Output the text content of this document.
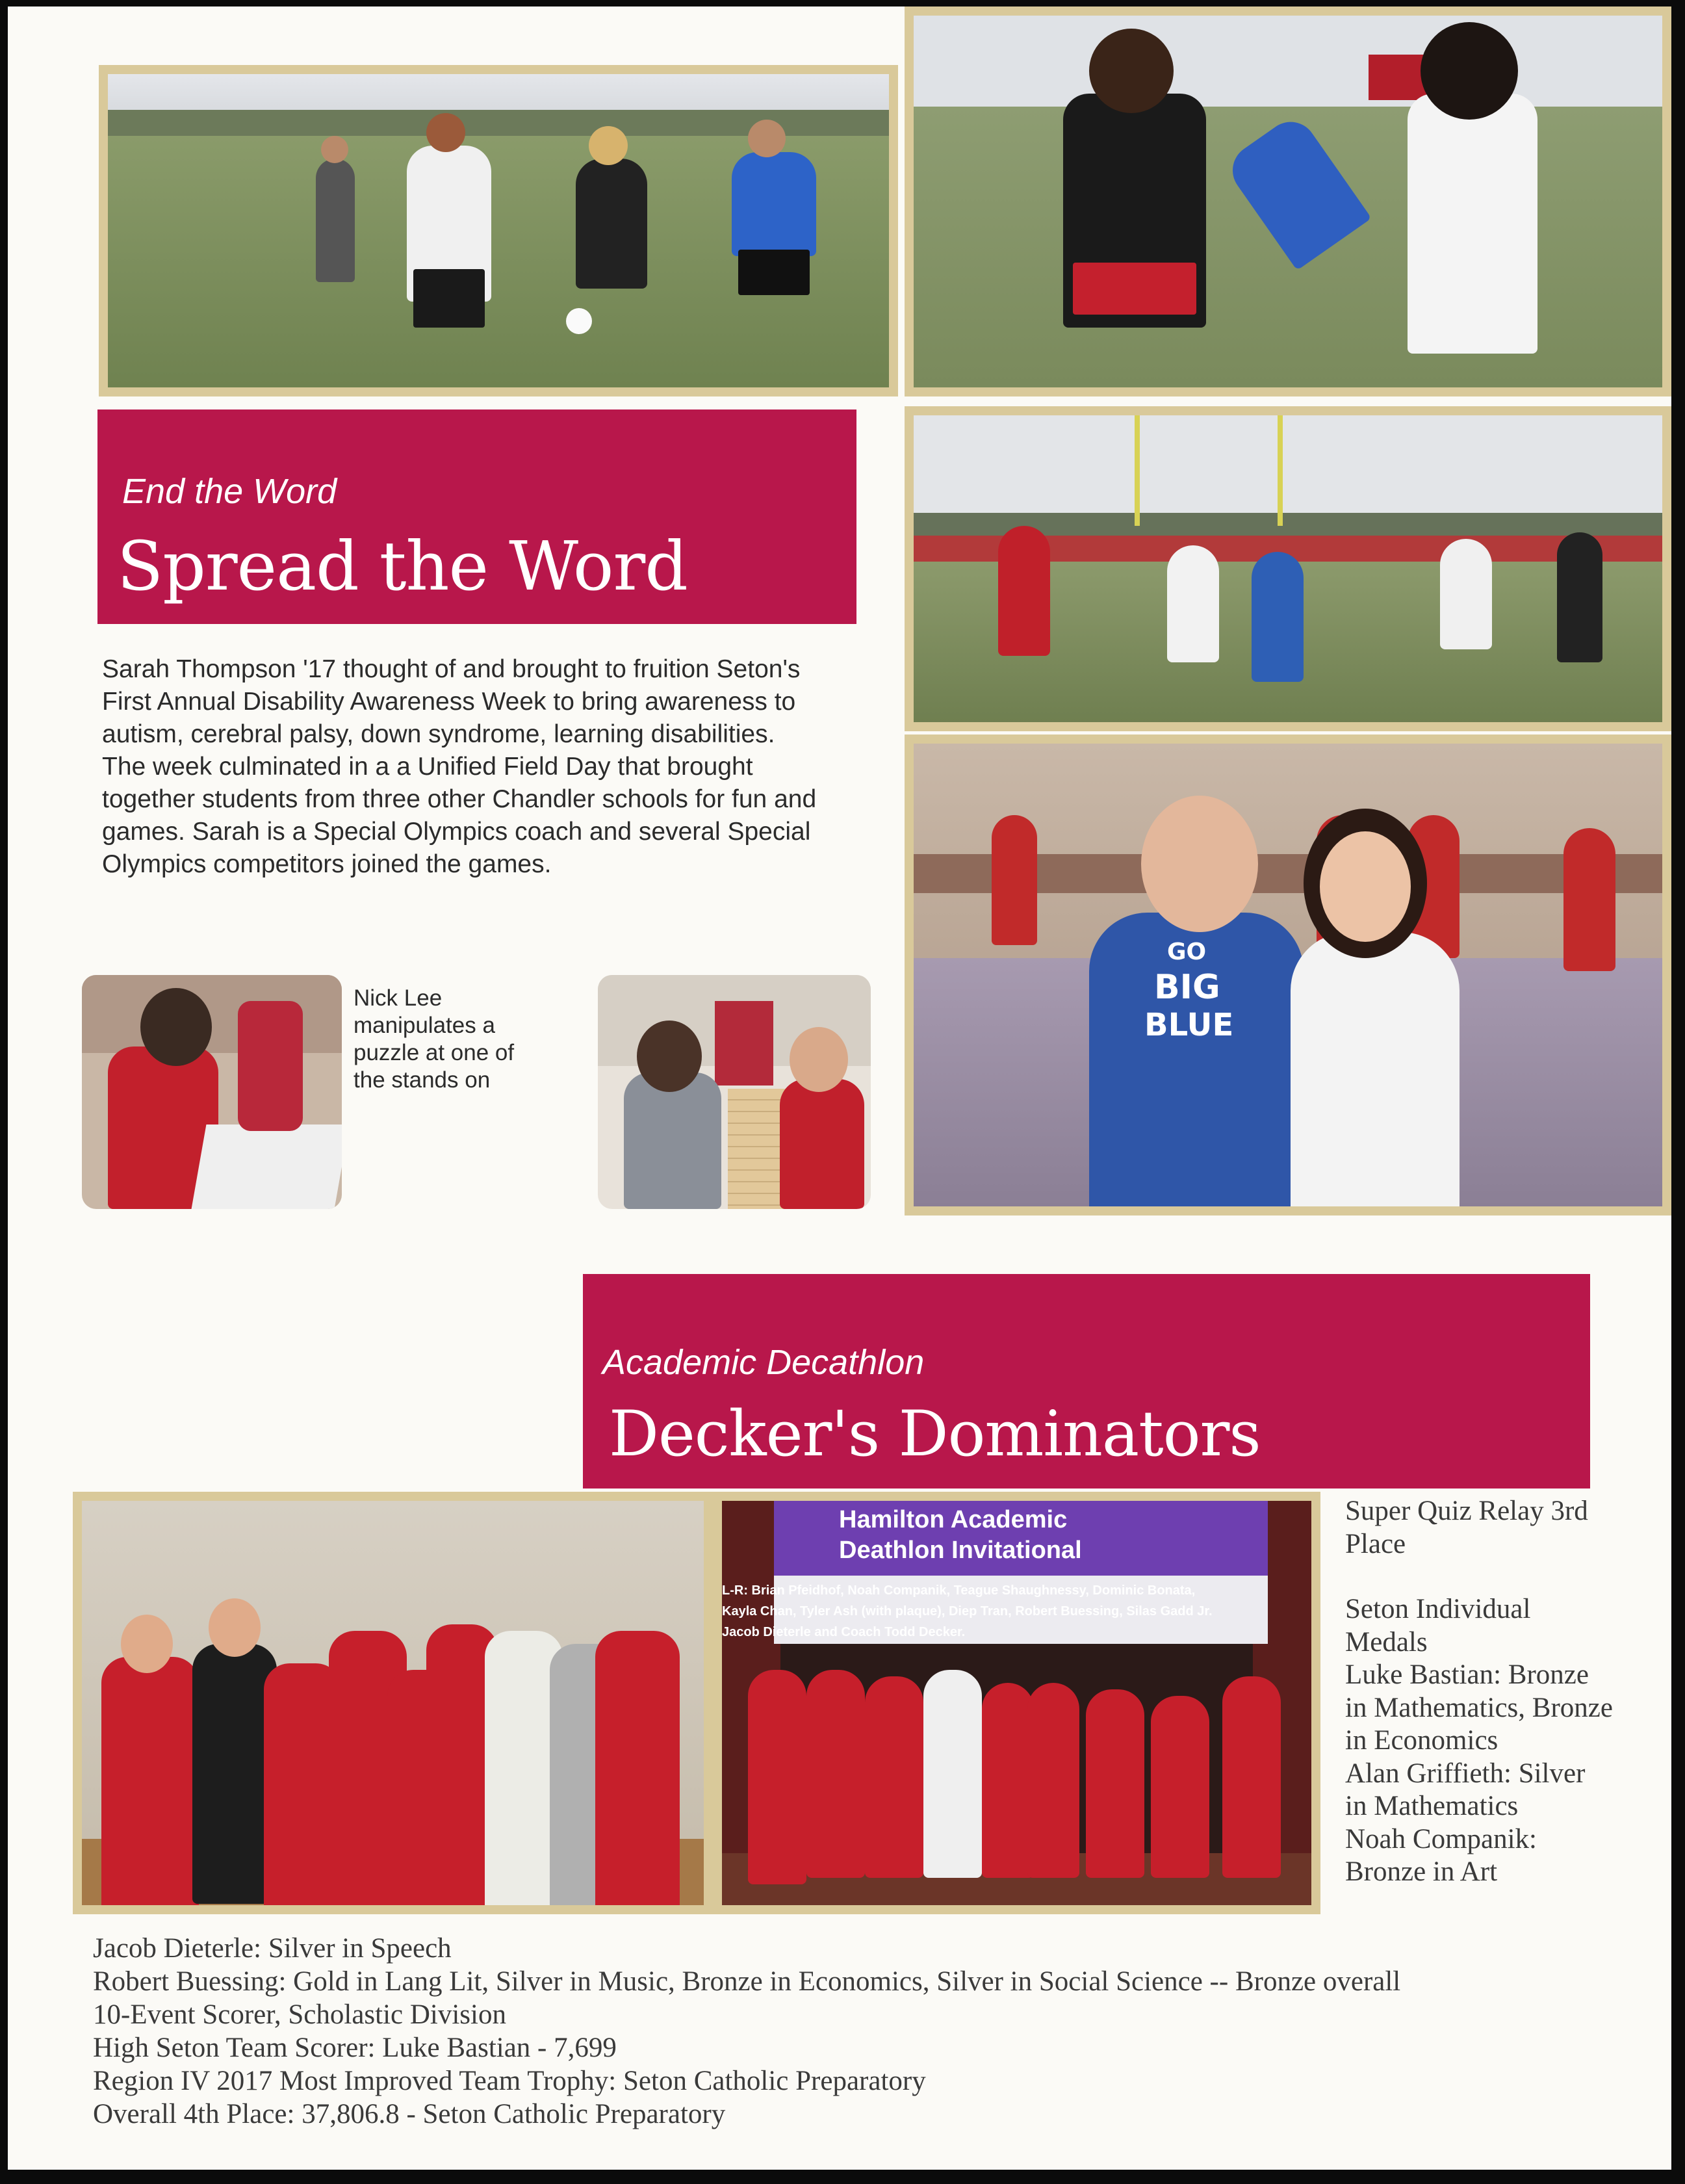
End the Word
Spread the Word

Sarah Thompson '17 thought of and brought to fruition Seton's First Annual Disability Awareness Week to bring awareness to autism, cerebral palsy, down syndrome, learning disabilities. The week culminated in a a Unified Field Day that brought together students from three other Chandler schools for fun and games. Sarah is a Special Olympics coach and several Special Olympics competitors joined the games.

GO
BIG
BLUE
Nick Lee
manipulates a
puzzle at one of
the stands on
Academic Decathlon
Decker's Dominators
Hamilton Academic
Deathlon Invitational
L-R: Brian Pfeidhof, Noah Companik, Teague Shaughnessy, Dominic Bonata,
Kayla Chan, Tyler Ash (with plaque), Diep Tran, Robert Buessing, Silas Gadd Jr.
Jacob Dieterle and Coach Todd Decker.
Super Quiz Relay 3rd
Place
Seton Individual
Medals
Luke Bastian: Bronze
in Mathematics, Bronze
in Economics
Alan Griffieth: Silver
in Mathematics
Noah Companik:
Bronze in Art
Jacob Dieterle: Silver in Speech
Robert Buessing: Gold in Lang Lit, Silver in Music, Bronze in Economics, Silver in Social Science -- Bronze overall
10-Event Scorer, Scholastic Division
High Seton Team Scorer: Luke Bastian - 7,699
Region IV 2017 Most Improved Team Trophy: Seton Catholic Preparatory
Overall 4th Place: 37,806.8 - Seton Catholic Preparatory
